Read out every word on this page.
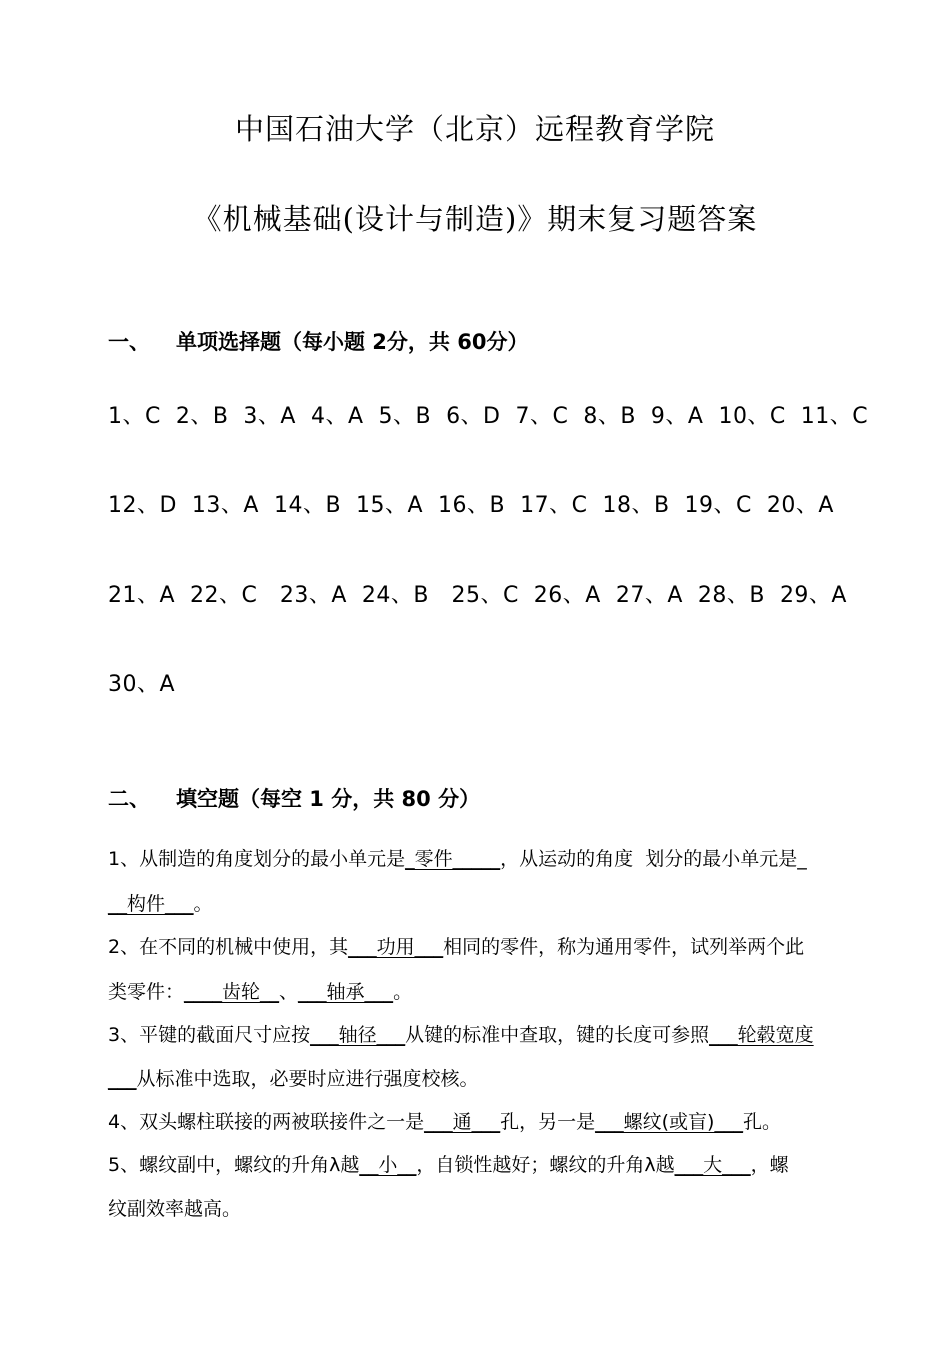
中国石油大学（北京）远程教育学院
《机械基础(设计与制造)》期末复习题答案
一、 单项选择题（每小题 2分，共 60分）
1、C  2、B  3、A  4、A  5、B  6、D  7、C  8、B  9、A  10、C  11、C
12、D  13、A  14、B  15、A  16、B  17、C  18、B  19、C  20、A
21、A  22、C   23、A  24、B   25、C  26、A  27、A  28、B  29、A
30、A
二、 填空题（每空 1 分，共 80 分）
1、从制造的角度划分的最小单元是_零件_____，从运动的角度  划分的最小单元是_
__构件___。
2、在不同的机械中使用，其___功用___相同的零件，称为通用零件，试列举两个此
类零件：____齿轮__、___轴承___。
3、平键的截面尺寸应按___轴径___从键的标准中查取，键的长度可参照___轮毂宽度
___从标准中选取，必要时应进行强度校核。
4、双头螺柱联接的两被联接件之一是___通___孔，另一是___螺纹(或盲)___孔。
5、螺纹副中，螺纹的升角λ越__小__，自锁性越好；螺纹的升角λ越___大___，螺
纹副效率越高。
